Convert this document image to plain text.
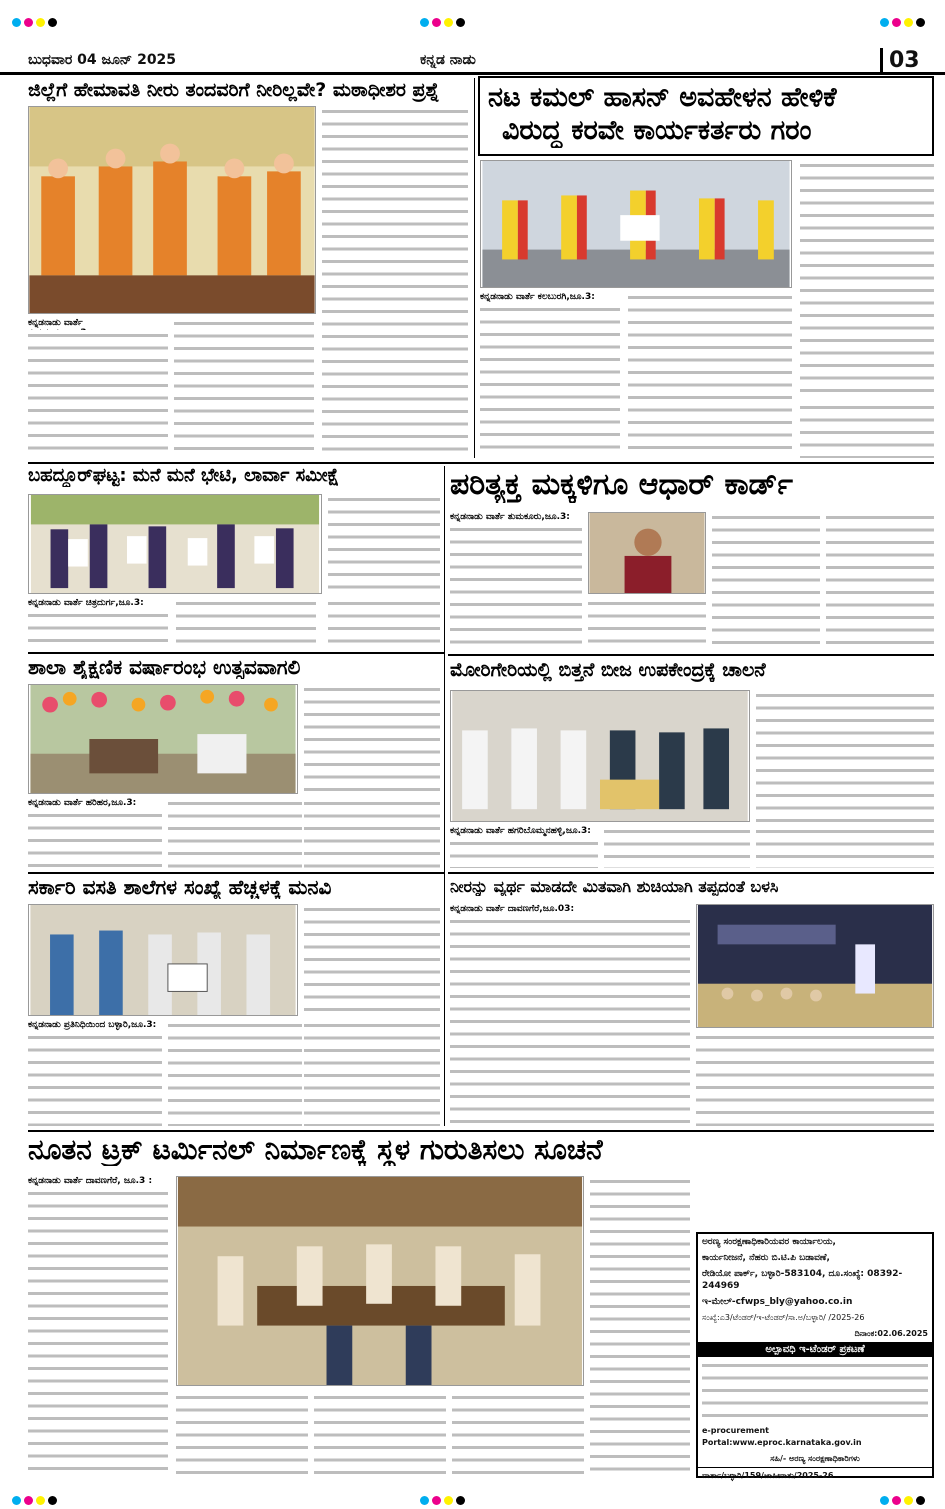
ಬುಧವಾರ 04 ಜೂನ್ 2025	ಕನ್ನಡ ನಾಡು	03
ಜಿಲ್ಲೆಗೆ ಹೇಮಾವತಿ ನೀರು ತಂದವರಿಗೆ ನೀರಿಲ್ಲವೇ? ಮಠಾಧೀಶರ ಪ್ರಶ್ನೆ
ಕನ್ನಡನಾಡು ವಾರ್ತೆ
ನಟ ಕಮಲ್ ಹಾಸನ್ ಅವಹೇಳನ ಹೇಳಿಕೆ
ವಿರುದ್ಧ ಕರವೇ ಕಾರ್ಯಕರ್ತರು ಗರಂ
ಕನ್ನಡನಾಡು ವಾರ್ತೆ ಕಲಬುರಗಿ,ಜೂ.3:
ಬಹದ್ದೂರ್‌ಘಟ್ಟ: ಮನೆ ಮನೆ ಭೇಟಿ, ಲಾರ್ವಾ ಸಮೀಕ್ಷೆ
ಕನ್ನಡನಾಡು ವಾರ್ತೆ ಚಿತ್ರದುರ್ಗ,ಜೂ.3:
ಪರಿತ್ಯಕ್ತ ಮಕ್ಕಳಿಗೂ ಆಧಾರ್ ಕಾರ್ಡ್
ಕನ್ನಡನಾಡು ವಾರ್ತೆ ತುಮಕೂರು,ಜೂ.3:
ಶಾಲಾ ಶೈಕ್ಷಣಿಕ ವರ್ಷಾರಂಭ ಉತ್ಸವವಾಗಲಿ
ಕನ್ನಡನಾಡು ವಾರ್ತೆ ಹರಿಹರ,ಜೂ.3:
ಮೋರಿಗೇರಿಯಲ್ಲಿ ಬಿತ್ತನೆ ಬೀಜ ಉಪಕೇಂದ್ರಕ್ಕೆ ಚಾಲನೆ
ಕನ್ನಡನಾಡು ವಾರ್ತೆ ಹಗರಿಬೊಮ್ಮನಹಳ್ಳಿ,ಜೂ.3:
ಸರ್ಕಾರಿ ವಸತಿ ಶಾಲೆಗಳ ಸಂಖ್ಯೆ ಹೆಚ್ಚಳಕ್ಕೆ ಮನವಿ
ಕನ್ನಡನಾಡು ಪ್ರತಿನಿಧಿಯಿಂದ ಬಳ್ಳಾರಿ,ಜೂ.3:
ನೀರನ್ನು ವ್ಯರ್ಥ ಮಾಡದೇ ಮಿತವಾಗಿ ಶುಚಿಯಾಗಿ ತಪ್ಪದಂತೆ ಬಳಸಿ
ಕನ್ನಡನಾಡು ವಾರ್ತೆ ದಾವಣಗೆರೆ,ಜೂ.03:
ನೂತನ ಟ್ರಕ್ ಟರ್ಮಿನಲ್ ನಿರ್ಮಾಣಕ್ಕೆ ಸ್ಥಳ ಗುರುತಿಸಲು ಸೂಚನೆ
ಕನ್ನಡನಾಡು ವಾರ್ತೆ ದಾವಣಗೆರೆ, ಜೂ.3 :
ಅರಣ್ಯ ಸಂರಕ್ಷಣಾಧಿಕಾರಿಯವರ ಕಾರ್ಯಾಲಯ,
ಕಾರ್ಯನೀಜನೆ, ನೆಹರು ಬಿ.ಟಿ.ಪಿ ಬಡಾವಣೆ,
ರೇಡಿಯೋ ಪಾರ್ಕ್, ಬಳ್ಳಾರಿ-583104, ದೂ.ಸಂಖ್ಯೆ: 08392-244969
ಇ-ಮೇಲ್-cfwps_bly@yahoo.co.in
ಸಂಖ್ಯೆ:ಎ3/ಟೆಂಡರ್/ಇ-ಟೆಂಡರ್/ಸಾ.ಅ/ಬಳ್ಳಾರಿ/ /2025-26
ದಿನಾಂಕ:02.06.2025
ಅಲ್ಪಾವಧಿ ಇ-ಟೆಂಡರ್ ಪ್ರಕಟಣೆ
e-procurement Portal:www.eproc.karnataka.gov.in
ಸಹಿ/- ಅರಣ್ಯ ಸಂರಕ್ಷಣಾಧಿಕಾರಿಗಳು
ವಾರ್ತಾ/ಬಳ್ಳಾರಿ/159/ಜಾಹೀರಾತು/2025-26
